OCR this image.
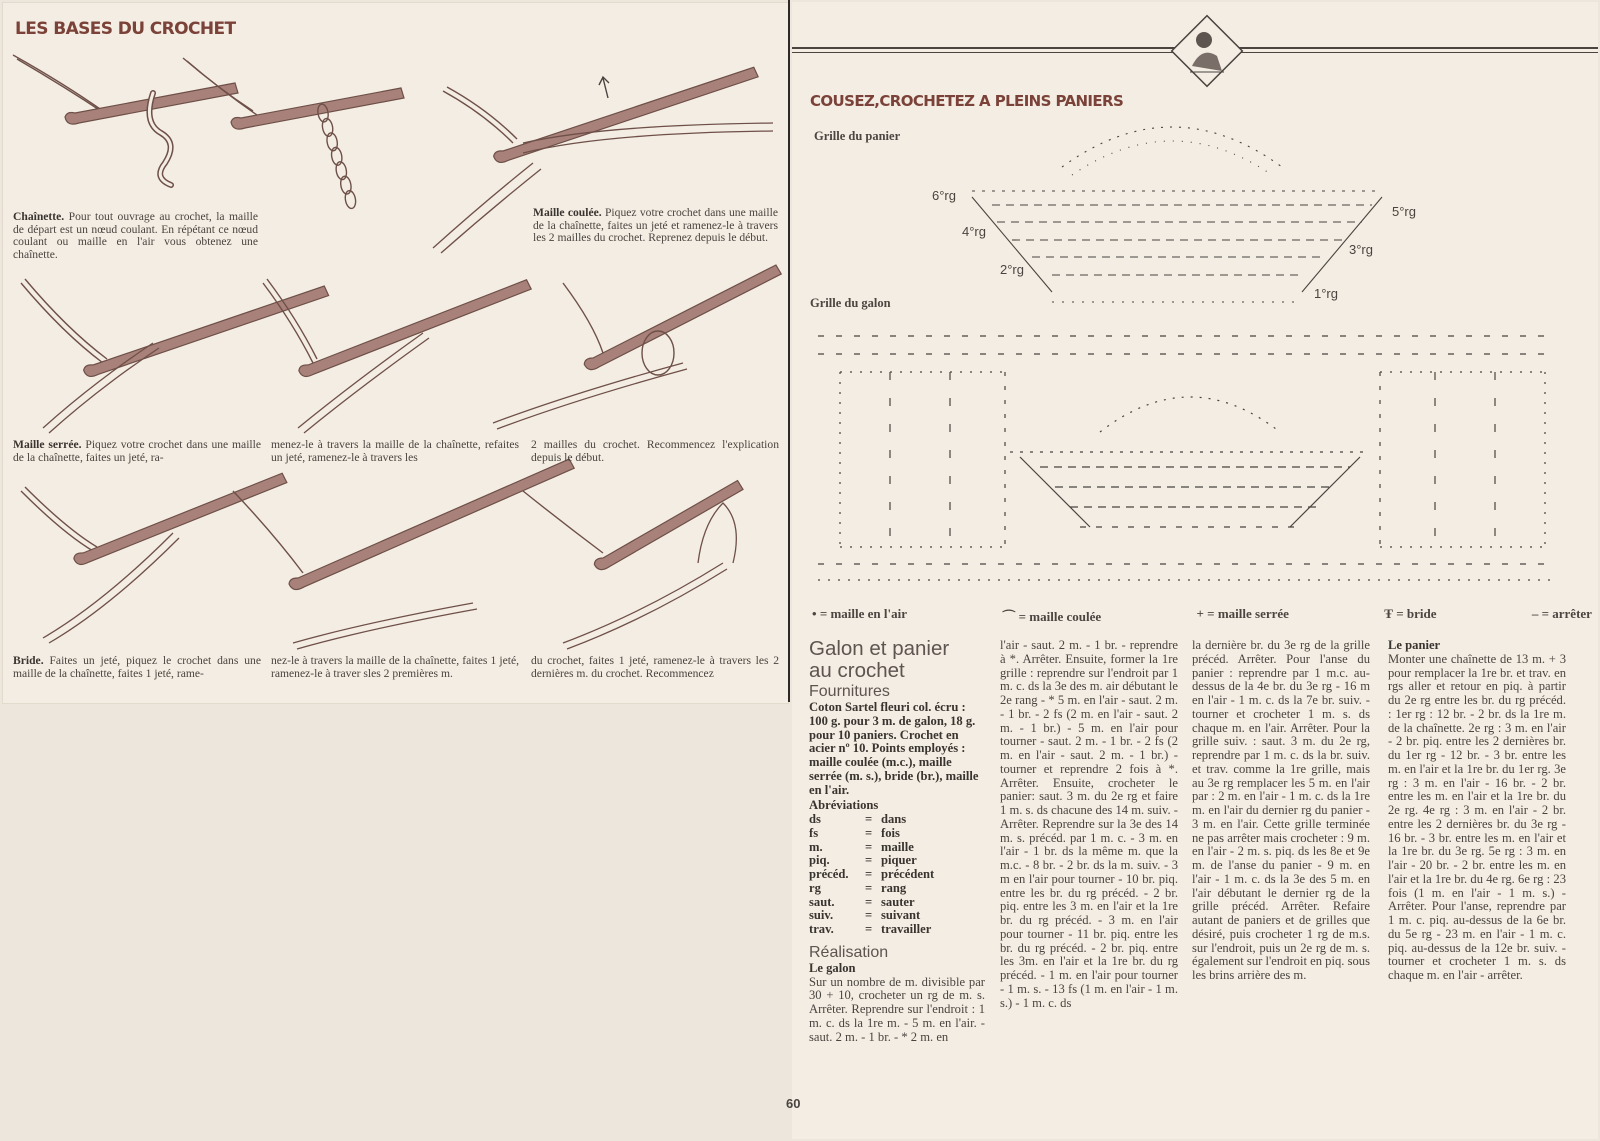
LES BASES DU CROCHET
Chaînette. Pour tout ouvrage au crochet, la maille de départ est un nœud coulant. En répétant ce nœud coulant ou maille en l'air vous obtenez une chaînette.
Maille coulée. Piquez votre crochet dans une maille de la chaînette, faites un jeté et ramenez-le à travers les 2 mailles du crochet. Reprenez depuis le début.
Maille serrée. Piquez votre crochet dans une maille de la chaînette, faites un jeté, ra-
menez-le à travers la maille de la chaînette, refaites un jeté, ramenez-le à travers les
2 mailles du crochet. Recommencez l'explication depuis le début.
Bride. Faites un jeté, piquez le crochet dans une maille de la chaînette, faites 1 jeté, rame-
nez-le à travers la maille de la chaînette, faites 1 jeté, ramenez-le à traver sles 2 premières m.
du crochet, faites 1 jeté, ramenez-le à travers les 2 dernières m. du crochet. Recommencez
COUSEZ,CROCHETEZ A PLEINS PANIERS
Grille du panier
Grille du galon
6°rg
5°rg
4°rg
3°rg
2°rg
1°rg
• = maille en l'air	⌒ = maille coulée	+ = maille serrée	Ŧ = bride	– = arrêter
Galon et panier
au crochet
Fournitures
Coton Sartel fleuri col. écru : 100 g. pour 3 m. de galon, 18 g. pour 10 paniers. Crochet en acier nº 10. Points employés : maille coulée (m.c.), maille serrée (m. s.), bride (br.), maille en l'air.
Abréviations
ds	= dans
fs	= fois
m.	= maille
piq.	= piquer
précéd.	= précédent
rg	= rang
saut.	= sauter
suiv.	= suivant
trav.	= travailler
Réalisation
Le galon
Sur un nombre de m. divisible par 30 + 10, crocheter un rg de m. s. Arrêter. Reprendre sur l'endroit : 1 m. c. ds la 1re m. - 5 m. en l'air. - saut. 2 m. - 1 br. - * 2 m. en
l'air - saut. 2 m. - 1 br. - reprendre à *. Arrêter. Ensuite, former la 1re grille : reprendre sur l'endroit par 1 m. c. ds la 3e des m. air débutant le 2e rang - * 5 m. en l'air - saut. 2 m. - 1 br. - 2 fs (2 m. en l'air - saut. 2 m. - 1 br.) - 5 m. en l'air pour tourner - saut. 2 m. - 1 br. - 2 fs (2 m. en l'air - saut. 2 m. - 1 br.) - tourner et reprendre 2 fois à *. Arrêter. Ensuite, crocheter le panier: saut. 3 m. du 2e rg et faire 1 m. s. ds chacune des 14 m. suiv. - Arrêter. Reprendre sur la 3e des 14 m. s. précéd. par 1 m. c. - 3 m. en l'air - 1 br. ds la même m. que la m.c. - 8 br. - 2 br. ds la m. suiv. - 3 m en l'air pour tourner - 10 br. piq. entre les br. du rg précéd. - 2 br. piq. entre les 3 m. en l'air et la 1re br. du rg précéd. - 3 m. en l'air pour tourner - 11 br. piq. entre les br. du rg précéd. - 2 br. piq. entre les 3m. en l'air et la 1re br. du rg précéd. - 1 m. en l'air pour tourner - 1 m. s. - 13 fs (1 m. en l'air - 1 m. s.) - 1 m. c. ds
la dernière br. du 3e rg de la grille précéd. Arrêter. Pour l'anse du panier : reprendre par 1 m.c. au-dessus de la 4e br. du 3e rg - 16 m en l'air - 1 m. c. ds la 7e br. suiv. - tourner et crocheter 1 m. s. ds chaque m. en l'air. Arrêter. Pour la grille suiv. : saut. 3 m. du 2e rg, reprendre par 1 m. c. ds la br. suiv. et trav. comme la 1re grille, mais au 3e rg remplacer les 5 m. en l'air par : 2 m. en l'air - 1 m. c. ds la 1re m. en l'air du dernier rg du panier - 3 m. en l'air. Cette grille terminée ne pas arrêter mais crocheter : 9 m. en l'air - 2 m. s. piq. ds les 8e et 9e m. de l'anse du panier - 9 m. en l'air - 1 m. c. ds la 3e des 5 m. en l'air débutant le dernier rg de la grille précéd. Arrêter. Refaire autant de paniers et de grilles que désiré, puis crocheter 1 rg de m.s. sur l'endroit, puis un 2e rg de m. s. également sur l'endroit en piq. sous les brins arrière des m.
Le panier
Monter une chaînette de 13 m. + 3 pour remplacer la 1re br. et trav. en rgs aller et retour en piq. à partir du 2e rg entre les br. du rg précéd. : 1er rg : 12 br. - 2 br. ds la 1re m. de la chaînette. 2e rg : 3 m. en l'air - 2 br. piq. entre les 2 dernières br. du 1er rg - 12 br. - 3 br. entre les m. en l'air et la 1re br. du 1er rg. 3e rg : 3 m. en l'air - 16 br. - 2 br. entre les m. en l'air et la 1re br. du 2e rg. 4e rg : 3 m. en l'air - 2 br. entre les 2 dernières br. du 3e rg - 16 br. - 3 br. entre les m. en l'air et la 1re br. du 3e rg. 5e rg : 3 m. en l'air - 20 br. - 2 br. entre les m. en l'air et la 1re br. du 4e rg. 6e rg : 23 fois (1 m. en l'air - 1 m. s.) - Arrêter. Pour l'anse, reprendre par 1 m. c. piq. au-dessus de la 6e br. du 5e rg - 23 m. en l'air - 1 m. c. piq. au-dessus de la 12e br. suiv. - tourner et crocheter 1 m. s. ds chaque m. en l'air - arrêter.
60
